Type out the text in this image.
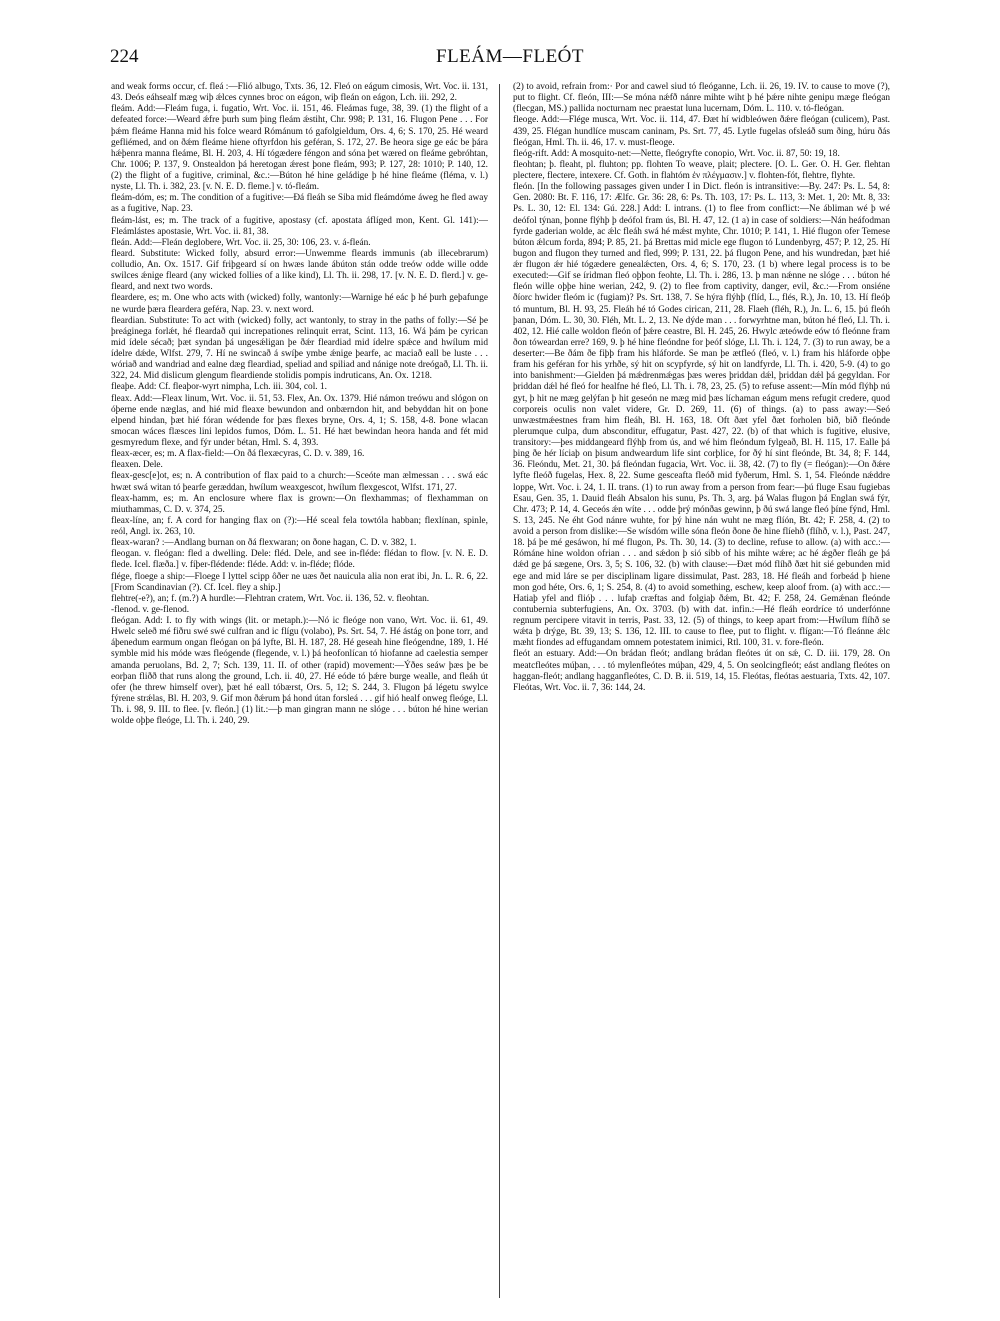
224	FLEÁM—FLEÓT

and weak forms occur, cf. fleá :—Flió albugo, Txts. 36, 12. Fleó on eágum cimosis, Wrt. Voc. ii. 131, 43. Deós eáhsealf mæg wiþ ǽlces cynnes broc on eágon, wiþ fleán on eágon, Lch. iii. 292, 2.

fleám. Add:—Fleám fuga, i. fugatio, Wrt. Voc. ii. 151, 46. Fleámas fuge, 38, 39. (1) the flight of a defeated force:—Weard ǽfre þurh sum þing fleám ǽstiht, Chr. 998; P. 131, 16. Flugon Pene . . . For þǽm fleáme Hanna mid his folce weard Rómánum tó gafolgieldum, Ors. 4, 6; S. 170, 25. Hé weard gefliémed, and on ðǽm fleáme hiene oftyrfdon his geféran, S. 172, 27. Be heora sige ge eác be þára hǽþenra manna fleáme, Bl. H. 203, 4. Hí tógædere féngon and sóna þet wæred on fleáme gebróhtan, Chr. 1006; P. 137, 9. Onstealdon þá heretogan ǽrest þone fleám, 993; P. 127, 28: 1010; P. 140, 12. (2) the flight of a fugitive, criminal, &c.:—Búton hé hine geládige þ hé hine fleáme (fléma, v. l.) nyste, Ll. Th. i. 382, 23. [v. N. E. D. fleme.] v. tó-fleám.

fleám-dóm, es; m. The condition of a fugitive:—Ðá fleáh se Siba mid fleámdóme áweg he fled away as a fugitive, Nap. 23.

fleám-lást, es; m. The track of a fugitive, apostasy (cf. apostata áflíged mon, Kent. Gl. 141):—Fleámlástes apostasie, Wrt. Voc. ii. 81, 38.

fleán. Add:—Fleán deglobere, Wrt. Voc. ii. 25, 30: 106, 23. v. á-fleán.

fleard. Substitute: Wicked folly, absurd error:—Unwemme fleards immunis (ab illecebrarum) colludio, An. Ox. 1517. Gif friþgeard sí on hwæs lande ábúton stán odde treów odde wille odde swilces ǽnige fleard (any wicked follies of a like kind), Ll. Th. ii. 298, 17. [v. N. E. D. flerd.] v. ge-fleard, and next two words.

fleardere, es; m. One who acts with (wicked) folly, wantonly:—Warnige hé eác þ hé þurh geþafunge ne wurde þæra fleardera geféra, Nap. 23. v. next word.

fleardian. Substitute: To act with (wicked) folly, act wantonly, to stray in the paths of folly:—Sé þe þreáginega forlǽt, hé fleardað qui increpationes relinquit errat, Scint. 113, 16. Wá þám þe cyrican mid ídele sécað; þæt syndan þá ungesǽligan þe ðǽr fleardiad mid ídelre spǽce and hwílum mid ídelre dǽde, Wlfst. 279, 7. Hí ne swincað á swíþe ymbe ǽnige þearfe, ac maciað eall be luste . . . wóriað and wandriad and ealne dæg fleardiad, speliad and spiliad and nánige note dreógað, Ll. Th. ii. 322, 24. Mid dislicum glengum fleardiende stolidis pompis indruticans, An. Ox. 1218.

fleaþe. Add: Cf. fleaþor-wyrt nimpha, Lch. iii. 304, col. 1.

fleax. Add:—Fleax linum, Wrt. Voc. ii. 51, 53. Flex, An. Ox. 1379. Hié námon treówu and slógon on óþerne ende næglas, and hié mid fleaxe bewundon and onbærndon hit, and bebyddan hit on þone elpend hindan, þæt hié fóran wédende for þæs flexes bryne, Ors. 4, 1; S. 158, 4-8. Þone wlacan smocan wáces flæsces lini lepidos fumos, Dóm. L. 51. Hé hæt bewindan heora handa and fét mid gesmyredum flexe, and fýr under bétan, Hml. S. 4, 393.

fleax-æcer, es; m. A flax-field:—On ðá flexæcyras, C. D. v. 389, 16.

fleaxen. Dele.

fleax-gesc[e]ot, es; n. A contribution of flax paid to a church:—Sceóte man ælmessan . . . swá eác hwæt swá witan tó þearfe geræddan, hwílum weaxgescot, hwílum flexgescot, Wlfst. 171, 27.

fleax-hamm, es; m. An enclosure where flax is grown:—On flexhammas; of flexhamman on miuthammas, C. D. v. 374, 25.

fleax-líne, an; f. A cord for hanging flax on (?):—Hé sceal fela towtóla habban; flexlínan, spinle, reól, Angl. ix. 263, 10.

fleax-waran? :—Andlang burnan on ðá flexwaran; on ðone hagan, C. D. v. 382, 1.

fleogan. v. fleógan: fled a dwelling. Dele: fléd. Dele, and see in-fléde: flédan to flow. [v. N. E. D. flede. Icel. flæða.] v. fíþer-flédende: fléde. Add: v. in-fléde; flóde.

flége, floege a ship:—Floege I lyttel scipp ôðer ne uæs ðet nauicula alia non erat ibi, Jn. L. R. 6, 22. [From Scandinavian (?). Cf. Icel. fley a ship.]

flehtre(-e?), an; f. (m.?) A hurdle:—Flehtran cratem, Wrt. Voc. ii. 136, 52. v. fleohtan.

-flenod. v. ge-flenod.

fleógan. Add: I. to fly with wings (lit. or metaph.):—Nó ic fleóge non vano, Wrt. Voc. ii. 61, 49. Hwelc seleð mé fiðru swé swé culfran and ic flígu (volabo), Ps. Srt. 54, 7. Hé ástág on þone torr, and áþenedum earmum ongan fleógan on þá lyfte, Bl. H. 187, 28. Hé geseah hine fleógendne, 189, 1. Hé symble mid his móde wæs fleógende (flegende, v. l.) þá heofonlícan tó hiofanne ad caelestia semper amanda peruolans, Bd. 2, 7; Sch. 139, 11. II. of other (rapid) movement:—Ýðes seáw þæs þe be eorþan fliðð that runs along the ground, Lch. ii. 40, 27. Hé eóde tó þǽre burge wealle, and fleáh út ofer (he threw himself over), þæt hé eall tóbærst, Ors. 5, 12; S. 244, 3. Flugon þá légetu swylce fýrene strǽlas, Bl. H. 203, 9. Gif mon ðǽrum þá hond útan forsleá . . . gif hió healf onweg fleóge, Ll. Th. i. 98, 9. III. to flee. [v. fleón.] (1) lit.:—þ man gingran mann ne slóge . . . búton hé hine werian wolde oþþe fleóge, Ll. Th. i. 240, 29.

(2) to avoid, refrain from:· Por and cawel siud tó fleóganne, Lch. ii. 26, 19. IV. to cause to move (?), put to flight. Cf. fleón, III:—Se móna nǽfð nánre mihte wiht þ hé þǽre nihte genipu mæge fleógan (flecgan, MS.) pallida nocturnam nec praestat luna lucernam, Dóm. L. 110. v. tó-fleógan.

fleoge. Add:—Flége musca, Wrt. Voc. ii. 114, 47. Ðæt hí widbleówen ðǽre fleógan (culicem), Past. 439, 25. Flégan hundlíce muscam caninam, Ps. Srt. 77, 45. Lytle fugelas ofsleáð sum ðing, húru ðás fleógan, Hml. Th. ii. 46, 17. v. must-fleoge.

fleóg-rift. Add: A mosquito-net:—Nette, fleógryfte conopio, Wrt. Voc. ii. 87, 50: 19, 18.

fleohtan; þ. fleaht, pl. fluhton; pp. flohten To weave, plait; plectere. [O. L. Ger. O. H. Ger. flehtan plectere, flectere, intexere. Cf. Goth. in flahtóm ἐν πλέγμασιν.] v. flohten-fót, flehtre, flyhte.

fleón. [In the following passages given under I in Dict. fleón is intransitive:—By. 247: Ps. L. 54, 8: Gen. 2080: Bt. F. 116, 17: Ælfc. Gr. 36: 28, 6: Ps. Th. 103, 17: Ps. L. 113, 3: Met. 1, 20: Mt. 8, 33: Ps. L. 30, 12: El. 134: Gú. 228.] Add: I. intrans. (1) to flee from conflict:—Ne ábliman wé þ wé deófol týnan, þonne flýhþ þ deófol fram ús, Bl. H. 47, 12. (1 a) in case of soldiers:—Nán heáfodman fyrde gaderian wolde, ac ǽlc fleáh swá hé mǽst myhte, Chr. 1010; P. 141, 1. Hié flugon ofer Temese búton ǽlcum forda, 894; P. 85, 21. þá Brettas mid micle ege flugon tó Lundenbyrg, 457; P. 12, 25. Hí bugon and flugon they turned and fled, 999; P. 131, 22. þá flugon Pene, and his wundredan, þæt hié ǽr flugon ǽr hié tógædere genealǽcten, Ors. 4, 6; S. 170, 23. (1 b) where legal process is to be executed:—Gif se íridman fleó oþþon feohte, Ll. Th. i. 286, 13. þ man nǽnne ne slóge . . . búton hé fleón wille oþþe hine werian, 242, 9. (2) to flee from captivity, danger, evil, &c.:—From onsiéne ðíorc hwider fleóm ic (fugiam)? Ps. Srt. 138, 7. Se hýra flýhþ (flíd, L., flés, R.), Jn. 10, 13. Hí fleóþ tó muntum, Bl. H. 93, 25. Fleáh hé tó Godes cirican, 211, 28. Flaeh (fléh, R.), Jn. L. 6, 15. þú fleóh þanan, Dóm. L. 30, 30. Fléh, Mt. L. 2, 13. Ne dýde man . . . forwyrhtne man, búton hé fleó, Ll. Th. i. 402, 12. Hié calle woldon fleón of þǽre ceastre, Bl. H. 245, 26. Hwylc æteówde eów tó fleónne fram ðon tóweardan erre? 169, 9. þ hé hine fleóndne for þeóf slóge, Ll. Th. i. 124, 7. (3) to run away, be a deserter:—Be ðám ðe fiþþ fram his hláforde. Se man þe ætfleó (fleó, v. l.) fram his hláforde oþþe fram his geféran for his yrhðe, sý hit on scypfyrde, sý hit on landfyrde, Ll. Th. i. 420, 5-9. (4) to go into banishment:—Gielden þá mǽdrenmǽgas þæs weres þriddan dǽl, þriddan dǽl þá gegyldan. For þriddan dǽl hé fleó for healfne hé fleó, Ll. Th. i. 78, 23, 25. (5) to refuse assent:—Mín mód flýhþ nú gyt, þ hit ne mæg gelýfan þ hit geseón ne mæg mid þæs líchaman eágum mens refugit credere, quod corporeis oculis non valet videre, Gr. D. 269, 11. (6) of things. (a) to pass away:—Seó unwæstmǽestnes fram him fleáh, Bl. H. 163, 18. Oft ðæt yfel ðæt forholen bið, bið fleónde plerumque culpa, dum absconditur, effugatur, Past. 427, 22. (b) of that which is fugitive, elusive, transitory:—þes middangeard flýhþ from ús, and wé him fleóndum fylgeað, Bl. H. 115, 17. Ealle þá þing ðe hér líciaþ on þisum andweardum life sint corþlice, for ðý hí sint fleónde, Bt. 34, 8; F. 144, 36. Fleóndu, Met. 21, 30. þá fleóndan fugacia, Wrt. Voc. ii. 38, 42. (7) to fly (= fleógan):—On ðǽre lyfte fleóð fugelas, Hex. 8, 22. Sume gesceafta fleóð mid fyðerum, Hml. S. 1, 54. Fleónde nǽddre loppe, Wrt. Voc. i. 24, 1. II. trans. (1) to run away from a person from fear:—þú fluge Esau fugiebas Esau, Gen. 35, 1. Dauid fleáh Absalon his sunu, Ps. Th. 3, arg. þá Walas flugon þá Englan swá fýr, Chr. 473; P. 14, 4. Geceós ǽn wíte . . . odde þrý mónðas gewinn, þ ðú swá lange fleó þíne fýnd, Hml. S. 13, 245. Ne éht God nánre wuhte, for þý hine nán wuht ne mæg flíón, Bt. 42; F. 258, 4. (2) to avoid a person from dislike:—Se wísdóm wille sóna fleón ðone ðe hine flíehð (flíhð, v. l.), Past. 247, 18. þá þe mé gesáwon, hí mé flugon, Ps. Th. 30, 14. (3) to decline, refuse to allow. (a) with acc.:—Rómáne hine woldon ofrian . . . and sǽdon þ sió sibb of his mihte wǽre; ac hé ǽgðer fleáh ge þá dǽd ge þá sægene, Ors. 3, 5; S. 106, 32. (b) with clause:—Ðæt mód flíhð ðæt hit sié gebunden mid ege and mid láre se per disciplinam ligare dissimulat, Past. 283, 18. Hé fleáh and forbeád þ hiene mon god héte, Ors. 6, 1; S. 254, 8. (4) to avoid something, eschew, keep aloof from. (a) with acc.:—Hatiaþ yfel and flióþ . . . lufaþ cræftas and folgiaþ ðǽm, Bt. 42; F. 258, 24. Gemǽnan fleónde contubernia subterfugiens, An. Ox. 3703. (b) with dat. infin.:—Hé fleáh eordríce tó underfónne regnum percipere vitavit in terris, Past. 33, 12. (5) of things, to keep apart from:—Hwílum flíhð se wǽta þ drýge, Bt. 39, 13; S. 136, 12. III. to cause to flee, put to flight. v. flígan:—Tó fleánne ǽlc mæht fiondes ad effugandam omnem potestatem inimici, Rtl. 100, 31. v. fore-fleón.

fleót an estuary. Add:—On brádan fleót; andlang brádan fleótes út on sǽ, C. D. iii. 179, 28. On meatcfleótes múþan, . . . tó mylenfleótes múþan, 429, 4, 5. On seolcingfleót; eást andlang fleótes on haggan-fleót; andlang hagganfleótes, C. D. B. ii. 519, 14, 15. Fleótas, fleótas aestuaria, Txts. 42, 107. Fleótas, Wrt. Voc. ii. 7, 36: 144, 24.
